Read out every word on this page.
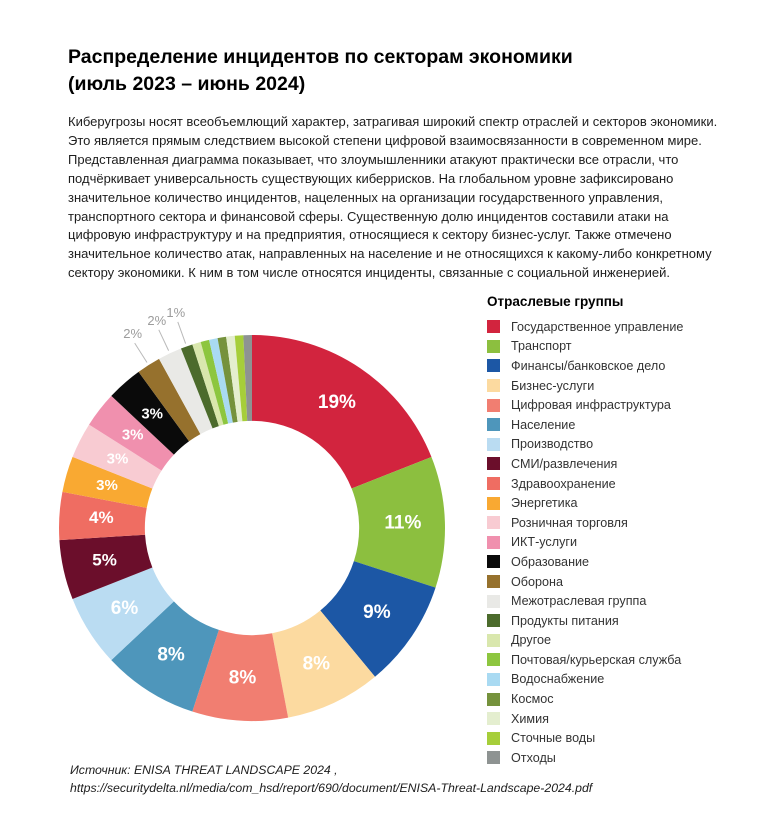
Распределение инцидентов по секторам экономики
(июль 2023 – июнь 2024)

Киберугрозы носят всеобъемлющий характер, затрагивая широкий спектр отраслей и секторов экономики. Это является прямым следствием высокой степени цифровой взаимосвязанности в современном мире. Представленная диаграмма показывает, что злоумышленники атакуют практически все отрасли, что подчёркивает универсальность существующих киберрисков. На глобальном уровне зафиксировано значительное количество инцидентов, нацеленных на организации государственного управления, транспортного сектора и финансовой сферы. Существенную долю инцидентов составили атаки на цифровую инфраструктуру и на предприятия, относящиеся к сектору бизнес-услуг. Также отмечено значительное количество атак, направленных на население и не относящихся к какому-либо конкретному сектору экономики. К ним в том числе относятся инциденты, связанные с социальной инженерией.

19%
11%
9%
8%
8%
8%
6%
5%
4%
3%
3%
3%
3%
2%
2%
1%
Отраслевые группы
Государственное управление
Транспорт
Финансы/банковское дело
Бизнес-услуги
Цифровая инфраструктура
Население
Производство
СМИ/развлечения
Здравоохранение
Энергетика
Розничная торговля
ИКТ-услуги
Образование
Оборона
Межотраслевая группа
Продукты питания
Другое
Почтовая/курьерская служба
Водоснабжение
Космос
Химия
Сточные воды
Отходы
Источник: ENISA THREAT LANDSCAPE 2024 ,
https://securitydelta.nl/media/com_hsd/report/690/document/ENISA-Threat-Landscape-2024.pdf
